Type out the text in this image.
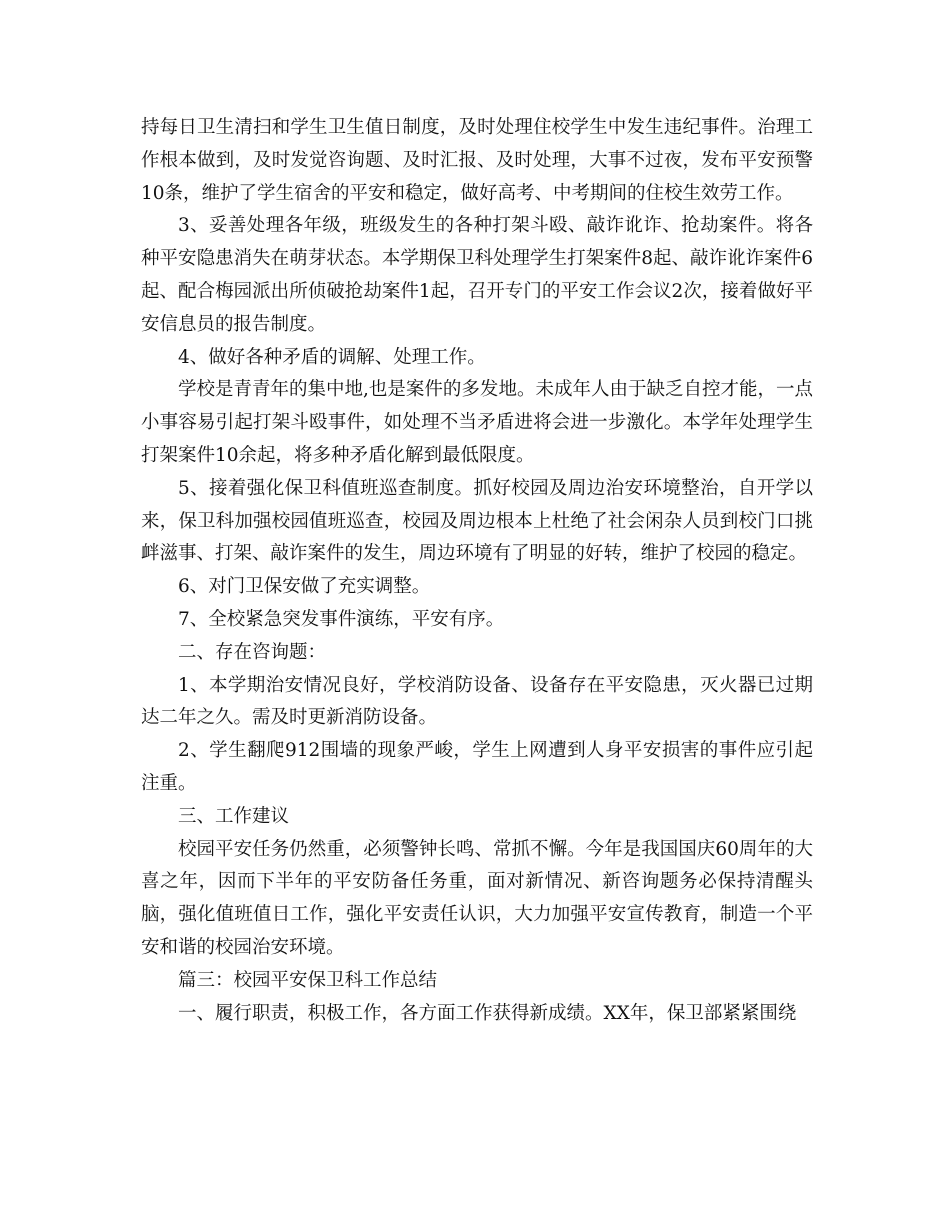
持每日卫生清扫和学生卫生值日制度，及时处理住校学生中发生违纪事件。治理工作根本做到，及时发觉咨询题、及时汇报、及时处理，大事不过夜，发布平安预警10条，维护了学生宿舍的平安和稳定，做好高考、中考期间的住校生效劳工作。

3、妥善处理各年级，班级发生的各种打架斗殴、敲诈讹诈、抢劫案件。将各种平安隐患消失在萌芽状态。本学期保卫科处理学生打架案件8起、敲诈讹诈案件6起、配合梅园派出所侦破抢劫案件1起，召开专门的平安工作会议2次，接着做好平安信息员的报告制度。

4、做好各种矛盾的调解、处理工作。

学校是青青年的集中地,也是案件的多发地。未成年人由于缺乏自控才能，一点小事容易引起打架斗殴事件，如处理不当矛盾进将会进一步激化。本学年处理学生打架案件10余起，将多种矛盾化解到最低限度。

5、接着强化保卫科值班巡查制度。抓好校园及周边治安环境整治，自开学以来，保卫科加强校园值班巡查，校园及周边根本上杜绝了社会闲杂人员到校门口挑衅滋事、打架、敲诈案件的发生，周边环境有了明显的好转，维护了校园的稳定。

6、对门卫保安做了充实调整。

7、全校紧急突发事件演练，平安有序。

二、存在咨询题：

1、本学期治安情况良好，学校消防设备、设备存在平安隐患，灭火器已过期达二年之久。需及时更新消防设备。

2、学生翻爬912围墙的现象严峻，学生上网遭到人身平安损害的事件应引起注重。

三、工作建议

校园平安任务仍然重，必须警钟长鸣、常抓不懈。今年是我国国庆60周年的大喜之年，因而下半年的平安防备任务重，面对新情况、新咨询题务必保持清醒头脑，强化值班值日工作，强化平安责任认识，大力加强平安宣传教育，制造一个平安和谐的校园治安环境。

篇三：校园平安保卫科工作总结

一、履行职责，积极工作，各方面工作获得新成绩。XX年，保卫部紧紧围绕
